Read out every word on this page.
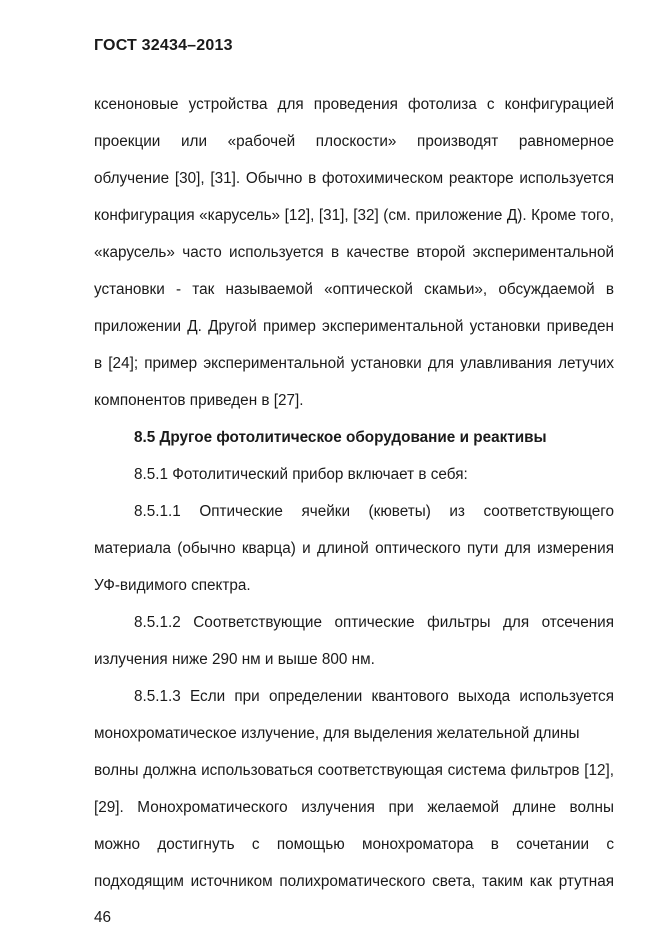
ГОСТ 32434–2013
ксеноновые устройства для проведения фотолиза с конфигурацией
проекции или «рабочей плоскости» производят равномерное
облучение [30], [31]. Обычно в фотохимическом реакторе используется
конфигурация «карусель» [12], [31], [32] (см. приложение Д). Кроме того,
«карусель» часто используется в качестве второй экспериментальной
установки - так называемой «оптической скамьи», обсуждаемой в
приложении Д. Другой пример экспериментальной установки приведен
в [24]; пример экспериментальной установки для улавливания летучих
компонентов приведен в [27].
8.5 Другое фотолитическое оборудование и реактивы
8.5.1 Фотолитический прибор включает в себя:
8.5.1.1 Оптические ячейки (кюветы) из соответствующего
материала (обычно кварца) и длиной оптического пути для измерения
УФ-видимого спектра.
8.5.1.2 Соответствующие оптические фильтры для отсечения
излучения ниже 290 нм и выше 800 нм.
8.5.1.3 Если при определении квантового выхода используется
монохроматическое излучение, для выделения желательной длины
волны должна использоваться соответствующая система фильтров [12],
[29]. Монохроматического излучения при желаемой длине волны
можно достигнуть с помощью монохроматора в сочетании с
подходящим источником полихроматического света, таким как ртутная
46
